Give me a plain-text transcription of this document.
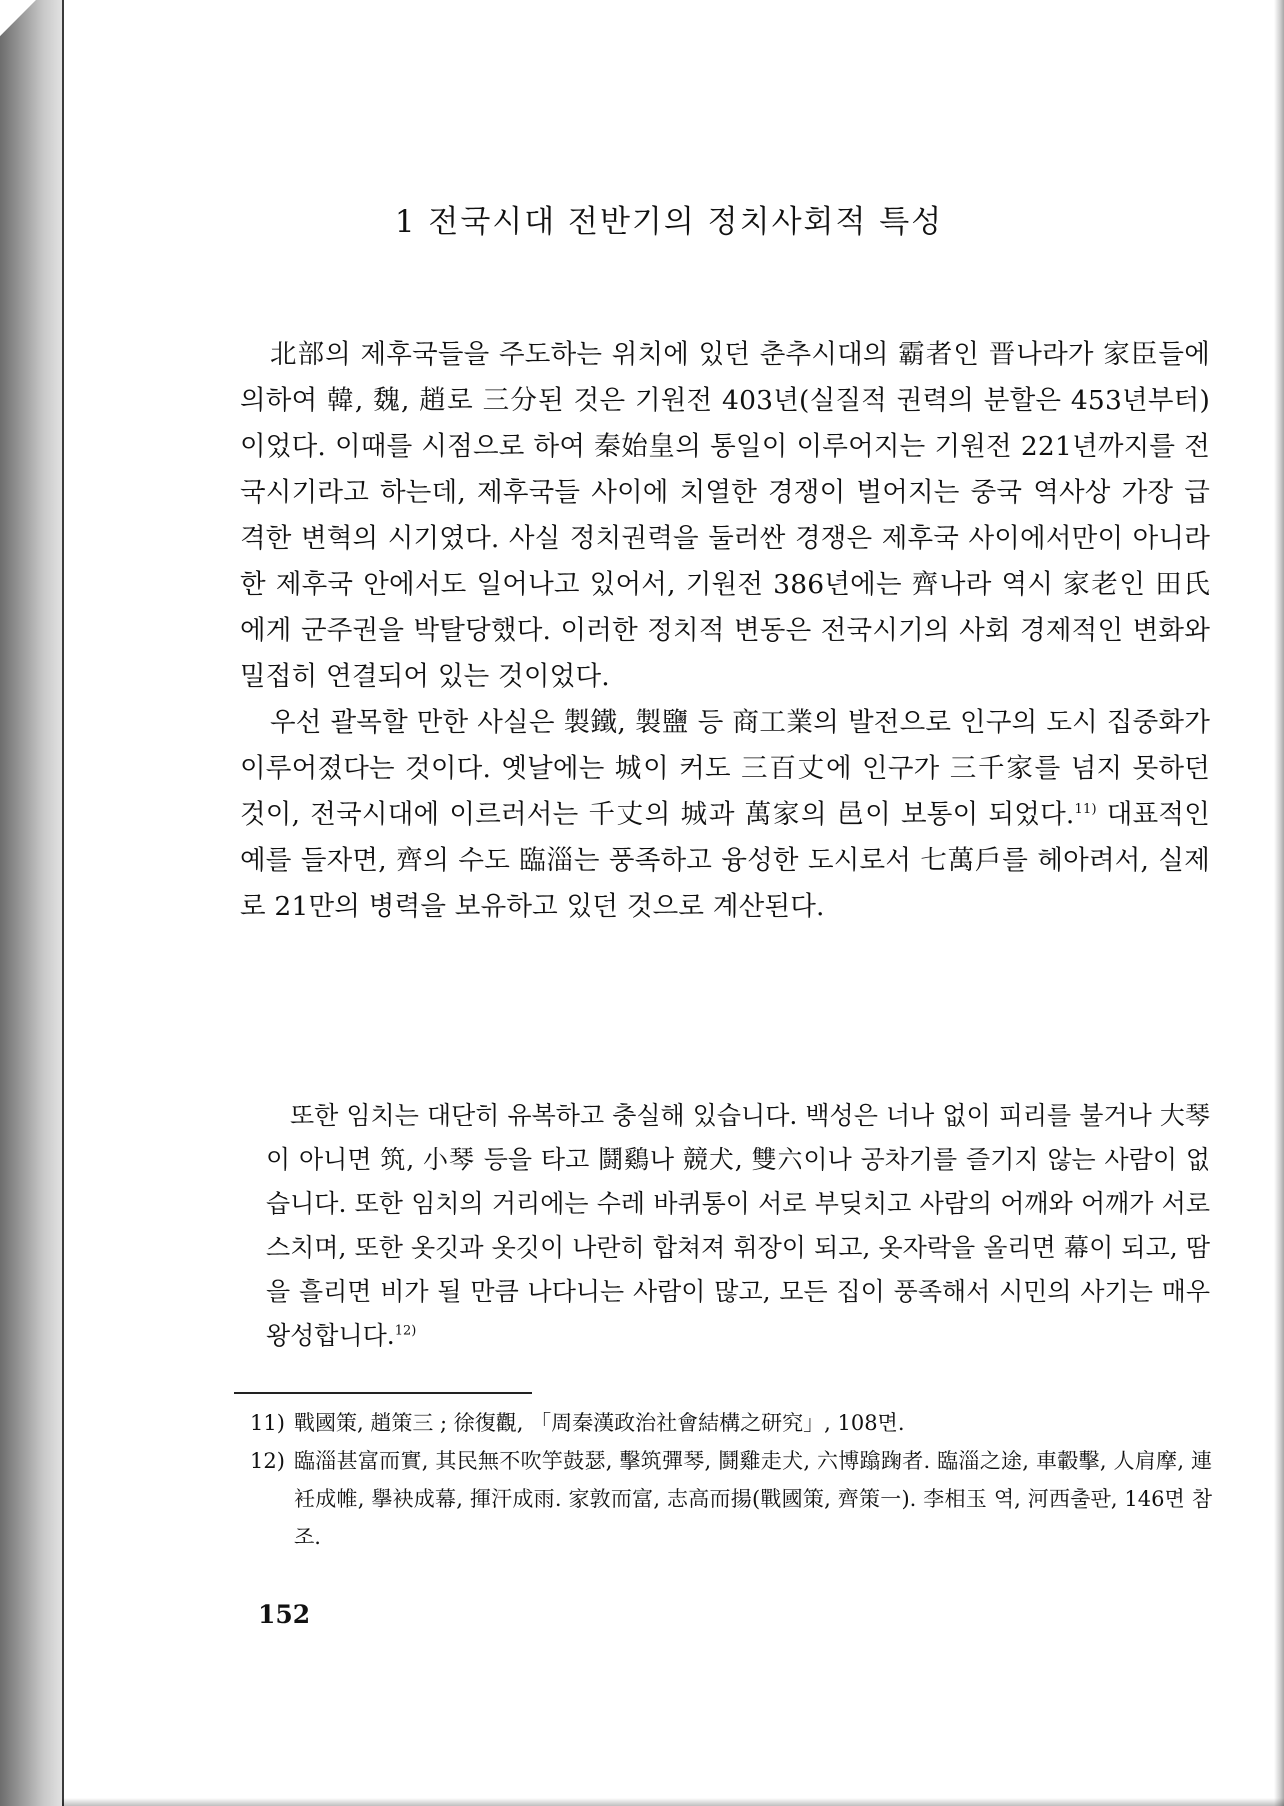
1 전국시대 전반기의 정치사회적 특성

北部의 제후국들을 주도하는 위치에 있던 춘추시대의 霸者인 晋나라가 家臣들에 의하여 韓, 魏, 趙로 三分된 것은 기원전 403년(실질적 권력의 분할은 453년부터)이었다. 이때를 시점으로 하여 秦始皇의 통일이 이루어지는 기원전 221년까지를 전국시기라고 하는데, 제후국들 사이에 치열한 경쟁이 벌어지는 중국 역사상 가장 급격한 변혁의 시기였다. 사실 정치권력을 둘러싼 경쟁은 제후국 사이에서만이 아니라 한 제후국 안에서도 일어나고 있어서, 기원전 386년에는 齊나라 역시 家老인 田氏에게 군주권을 박탈당했다. 이러한 정치적 변동은 전국시기의 사회 경제적인 변화와 밀접히 연결되어 있는 것이었다.

우선 괄목할 만한 사실은 製鐵, 製鹽 등 商工業의 발전으로 인구의 도시 집중화가 이루어졌다는 것이다. 옛날에는 城이 커도 三百丈에 인구가 三千家를 넘지 못하던 것이, 전국시대에 이르러서는 千丈의 城과 萬家의 邑이 보통이 되었다.$^{11)}$ 대표적인 예를 들자면, 齊의 수도 臨淄는 풍족하고 융성한 도시로서 七萬戶를 헤아려서, 실제로 21만의 병력을 보유하고 있던 것으로 계산된다.

또한 임치는 대단히 유복하고 충실해 있습니다. 백성은 너나 없이 피리를 불거나 大琴이 아니면 筑, 小琴 등을 타고 鬪鷄나 競犬, 雙六이나 공차기를 즐기지 않는 사람이 없습니다. 또한 임치의 거리에는 수레 바퀴통이 서로 부딪치고 사람의 어깨와 어깨가 서로 스치며, 또한 옷깃과 옷깃이 나란히 합쳐져 휘장이 되고, 옷자락을 올리면 幕이 되고, 땀을 흘리면 비가 될 만큼 나다니는 사람이 많고, 모든 집이 풍족해서 시민의 사기는 매우 왕성합니다.$^{12)}$

11) 戰國策, 趙策三 ; 徐復觀, 「周秦漢政治社會結構之研究」, 108면.

12) 臨淄甚富而實, 其民無不吹竽鼓瑟, 擊筑彈琴, 鬪雞走犬, 六博蹹踘者. 臨淄之途, 車轂擊, 人肩摩, 連衽成帷, 擧袂成幕, 揮汗成雨. 家敦而富, 志高而揚(戰國策, 齊策一). 李相玉 역, 河西출판, 146면 참조.

152
